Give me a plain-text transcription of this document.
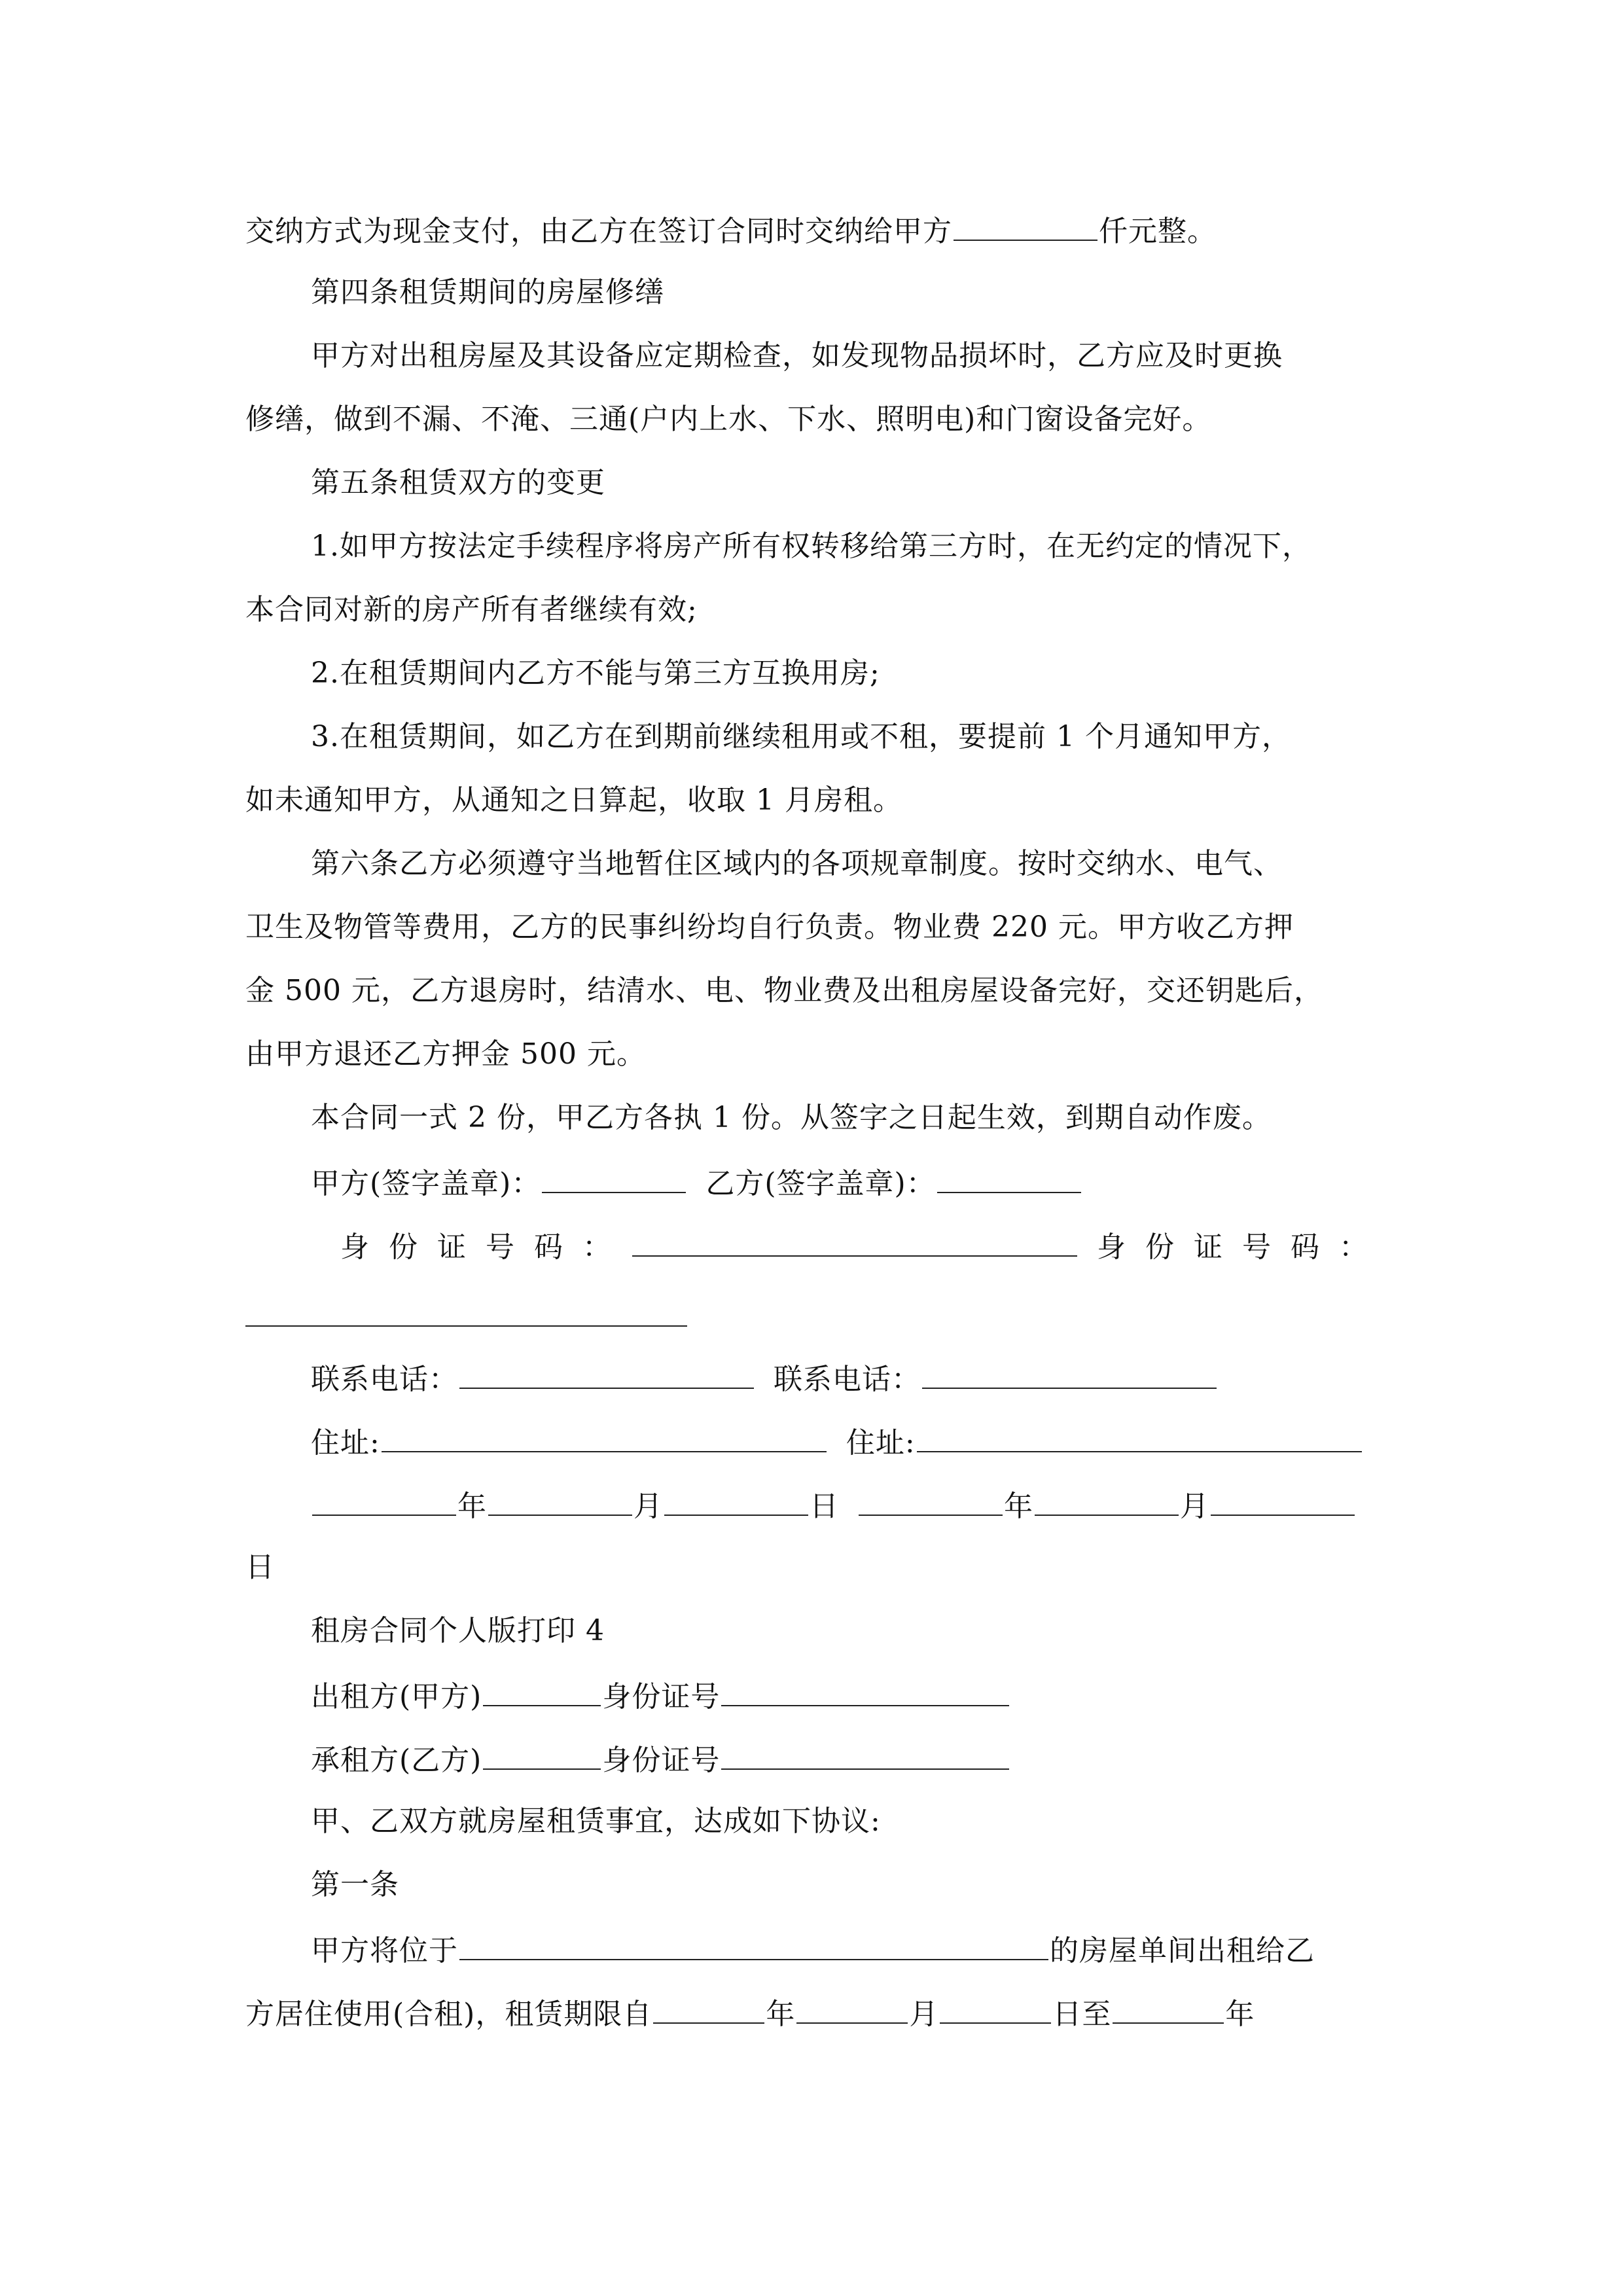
交纳方式为现金支付，由乙方在签订合同时交纳给甲方	仟元整。
第四条租赁期间的房屋修缮
甲方对出租房屋及其设备应定期检查，如发现物品损坏时，乙方应及时更换
修缮，做到不漏、不淹、三通(户内上水、下水、照明电)和门窗设备完好。
第五条租赁双方的变更
1.如甲方按法定手续程序将房产所有权转移给第三方时，在无约定的情况下，
本合同对新的房产所有者继续有效;
2.在租赁期间内乙方不能与第三方互换用房;
3.在租赁期间，如乙方在到期前继续租用或不租，要提前 1 个月通知甲方，
如未通知甲方，从通知之日算起，收取 1 月房租。
第六条乙方必须遵守当地暂住区域内的各项规章制度。按时交纳水、电气、
卫生及物管等费用，乙方的民事纠纷均自行负责。物业费 220 元。甲方收乙方押
金 500 元，乙方退房时，结清水、电、物业费及出租房屋设备完好，交还钥匙后，
由甲方退还乙方押金 500 元。
本合同一式 2 份，甲乙方各执 1 份。从签字之日起生效，到期自动作废。
甲方(签字盖章)：	乙方(签字盖章)：
身份证号码：	身份证号码：
联系电话：	联系电话：
住址:	住址:
年	月	日	年	月
日
租房合同个人版打印 4
出租方(甲方)	身份证号
承租方(乙方)	身份证号
甲、乙双方就房屋租赁事宜，达成如下协议:
第一条
甲方将位于	的房屋单间出租给乙
方居住使用(合租)，租赁期限自	年	月	日至	年
